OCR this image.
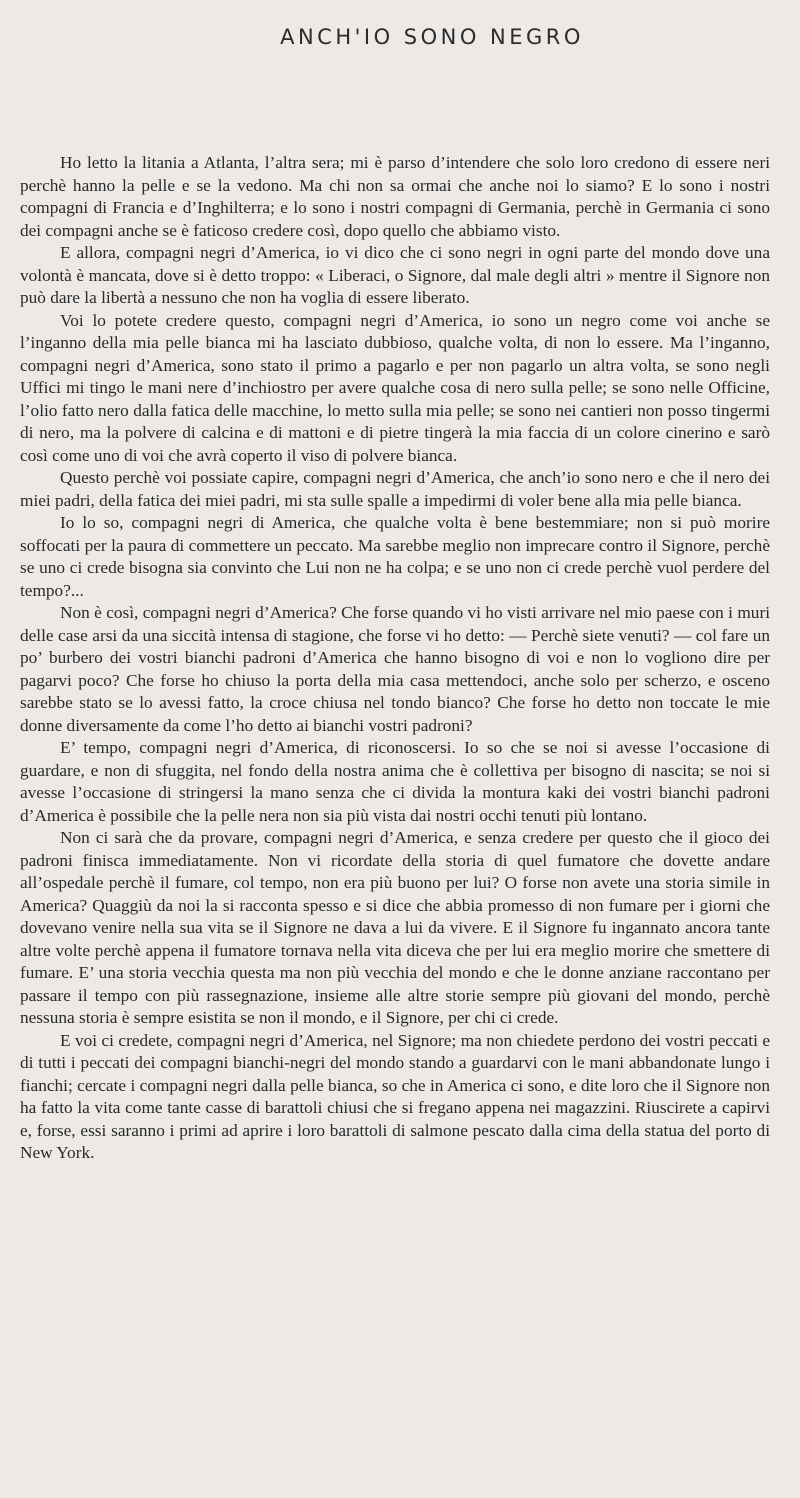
ANCH'IO SONO NEGRO

Ho letto la litania a Atlanta, l’altra sera; mi è parso d’intendere che solo loro credono di essere neri perchè hanno la pelle e se la vedono. Ma chi non sa ormai che anche noi lo siamo? E lo sono i nostri compagni di Francia e d’Inghilterra; e lo sono i nostri compagni di Germania, perchè in Germania ci sono dei compagni anche se è faticoso credere così, dopo quello che abbiamo visto.

E allora, compagni negri d’America, io vi dico che ci sono negri in ogni parte del mondo dove una volontà è mancata, dove si è detto troppo: « Liberaci, o Signore, dal male degli altri » mentre il Signore non può dare la libertà a nessuno che non ha voglia di essere liberato.

Voi lo potete credere questo, compagni negri d’America, io sono un negro come voi anche se l’inganno della mia pelle bianca mi ha lasciato dubbioso, qualche volta, di non lo essere. Ma l’inganno, compagni negri d’America, sono stato il primo a pagarlo e per non pagarlo un altra volta, se sono negli Uffici mi tingo le mani nere d’inchiostro per avere qualche cosa di nero sulla pelle; se sono nelle Officine, l’olio fatto nero dalla fatica delle macchine, lo metto sulla mia pelle; se sono nei cantieri non posso tingermi di nero, ma la polvere di calcina e di mattoni e di pietre tingerà la mia faccia di un colore cinerino e sarò così come uno di voi che avrà coperto il viso di polvere bianca.

Questo perchè voi possiate capire, compagni negri d’America, che anch’io sono nero e che il nero dei miei padri, della fatica dei miei padri, mi sta sulle spalle a impedirmi di voler bene alla mia pelle bianca.

Io lo so, compagni negri di America, che qualche volta è bene bestemmiare; non si può morire soffocati per la paura di commettere un peccato. Ma sarebbe meglio non imprecare contro il Signore, perchè se uno ci crede bisogna sia convinto che Lui non ne ha colpa; e se uno non ci crede perchè vuol perdere del tempo?...

Non è così, compagni negri d’America? Che forse quando vi ho visti arrivare nel mio paese con i muri delle case arsi da una siccità intensa di stagione, che forse vi ho detto: — Perchè siete venuti? — col fare un po’ burbero dei vostri bianchi padroni d’America che hanno bisogno di voi e non lo vogliono dire per pagarvi poco? Che forse ho chiuso la porta della mia casa mettendoci, anche solo per scherzo, e osceno sarebbe stato se lo avessi fatto, la croce chiusa nel tondo bianco? Che forse ho detto non toccate le mie donne diversamente da come l’ho detto ai bianchi vostri padroni?

E’ tempo, compagni negri d’America, di riconoscersi. Io so che se noi si avesse l’occasione di guardare, e non di sfuggita, nel fondo della nostra anima che è collettiva per bisogno di nascita; se noi si avesse l’occasione di stringersi la mano senza che ci divida la montura kaki dei vostri bianchi padroni d’America è possibile che la pelle nera non sia più vista dai nostri occhi tenuti più lontano.

Non ci sarà che da provare, compagni negri d’America, e senza credere per questo che il gioco dei padroni finisca immediatamente. Non vi ricordate della storia di quel fumatore che dovette andare all’ospedale perchè il fumare, col tempo, non era più buono per lui? O forse non avete una storia simile in America? Quaggiù da noi la si racconta spesso e si dice che abbia promesso di non fumare per i giorni che dovevano venire nella sua vita se il Signore ne dava a lui da vivere. E il Signore fu ingannato ancora tante altre volte perchè appena il fumatore tornava nella vita diceva che per lui era meglio morire che smettere di fumare. E’ una storia vecchia questa ma non più vecchia del mondo e che le donne anziane raccontano per passare il tempo con più rassegnazione, insieme alle altre storie sempre più giovani del mondo, perchè nessuna storia è sempre esistita se non il mondo, e il Signore, per chi ci crede.

E voi ci credete, compagni negri d’America, nel Signore; ma non chiedete perdono dei vostri peccati e di tutti i peccati dei compagni bianchi-negri del mondo stando a guardarvi con le mani abbandonate lungo i fianchi; cercate i compagni negri dalla pelle bianca, so che in America ci sono, e dite loro che il Signore non ha fatto la vita come tante casse di barattoli chiusi che si fregano appena nei magazzini. Riuscirete a capirvi e, forse, essi saranno i primi ad aprire i loro barattoli di salmone pescato dalla cima della statua del porto di New York.
